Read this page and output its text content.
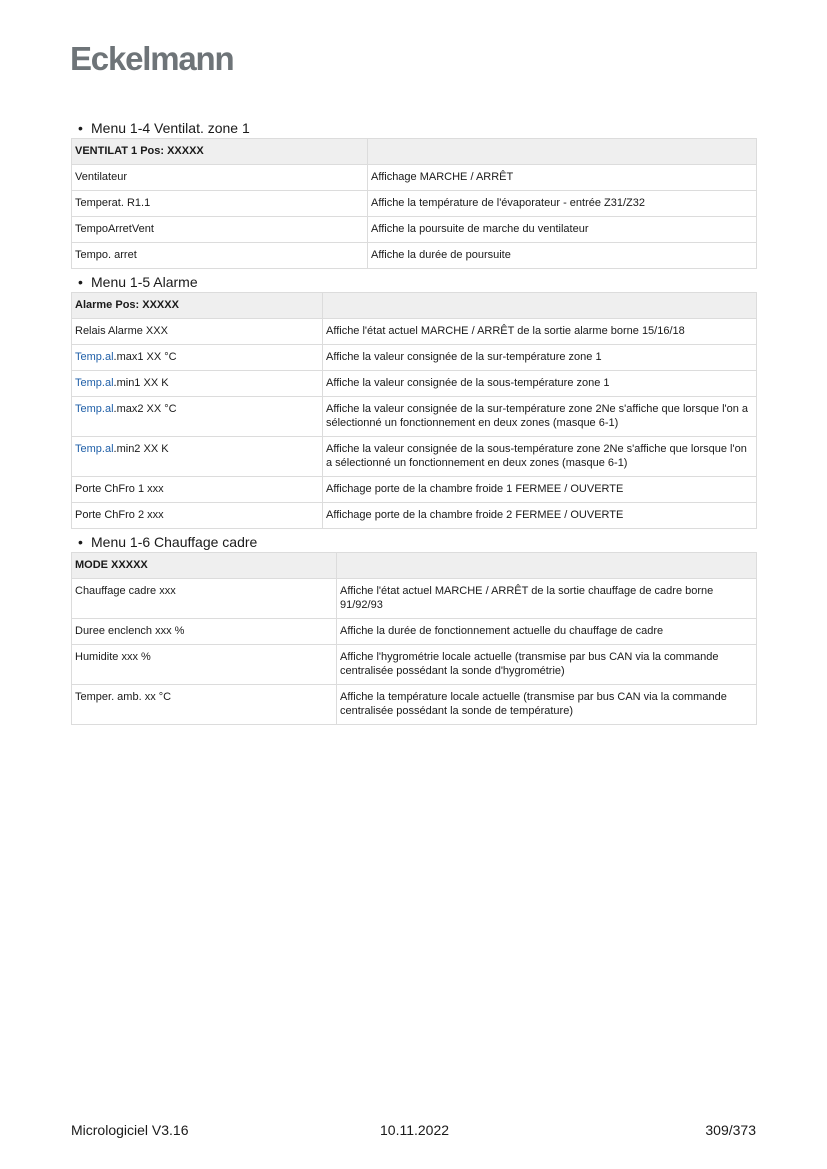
Eckelmann
• Menu 1-4 Ventilat. zone 1
VENTILAT 1 Pos: XXXXX	
Ventilateur	Affichage MARCHE / ARRÊT
Temperat. R1.1	Affiche la température de l'évaporateur - entrée Z31/Z32
TempoArretVent	Affiche la poursuite de marche du ventilateur
Tempo. arret	Affiche la durée de poursuite
• Menu 1-5 Alarme
Alarme Pos: XXXXX	
Relais Alarme XXX	Affiche l'état actuel MARCHE / ARRÊT de la sortie alarme borne 15/16/18
Temp.al.max1 XX °C	Affiche la valeur consignée de la sur-température zone 1
Temp.al.min1 XX K	Affiche la valeur consignée de la sous-température zone 1
Temp.al.max2 XX °C	Affiche la valeur consignée de la sur-température zone 2Ne s'affiche que lorsque l'on a sélectionné un fonctionnement en deux zones (masque 6-1)
Temp.al.min2 XX K	Affiche la valeur consignée de la sous-température zone 2Ne s'affiche que lorsque l'on a sélectionné un fonctionnement en deux zones (masque 6-1)
Porte ChFro 1 xxx	Affichage porte de la chambre froide 1 FERMEE / OUVERTE
Porte ChFro 2 xxx	Affichage porte de la chambre froide 2 FERMEE / OUVERTE
• Menu 1-6 Chauffage cadre
MODE XXXXX	
Chauffage cadre xxx	Affiche l'état actuel MARCHE / ARRÊT de la sortie chauffage de cadre borne 91/92/93
Duree enclench xxx %	Affiche la durée de fonctionnement actuelle du chauffage de cadre
Humidite xxx %	Affiche l'hygrométrie locale actuelle (transmise par bus CAN via la commande centralisée possédant la sonde d'hygrométrie)
Temper. amb. xx °C	Affiche la température locale actuelle (transmise par bus CAN via la commande centralisée possédant la sonde de température)
Micrologiciel V3.16	10.11.2022	309/373
